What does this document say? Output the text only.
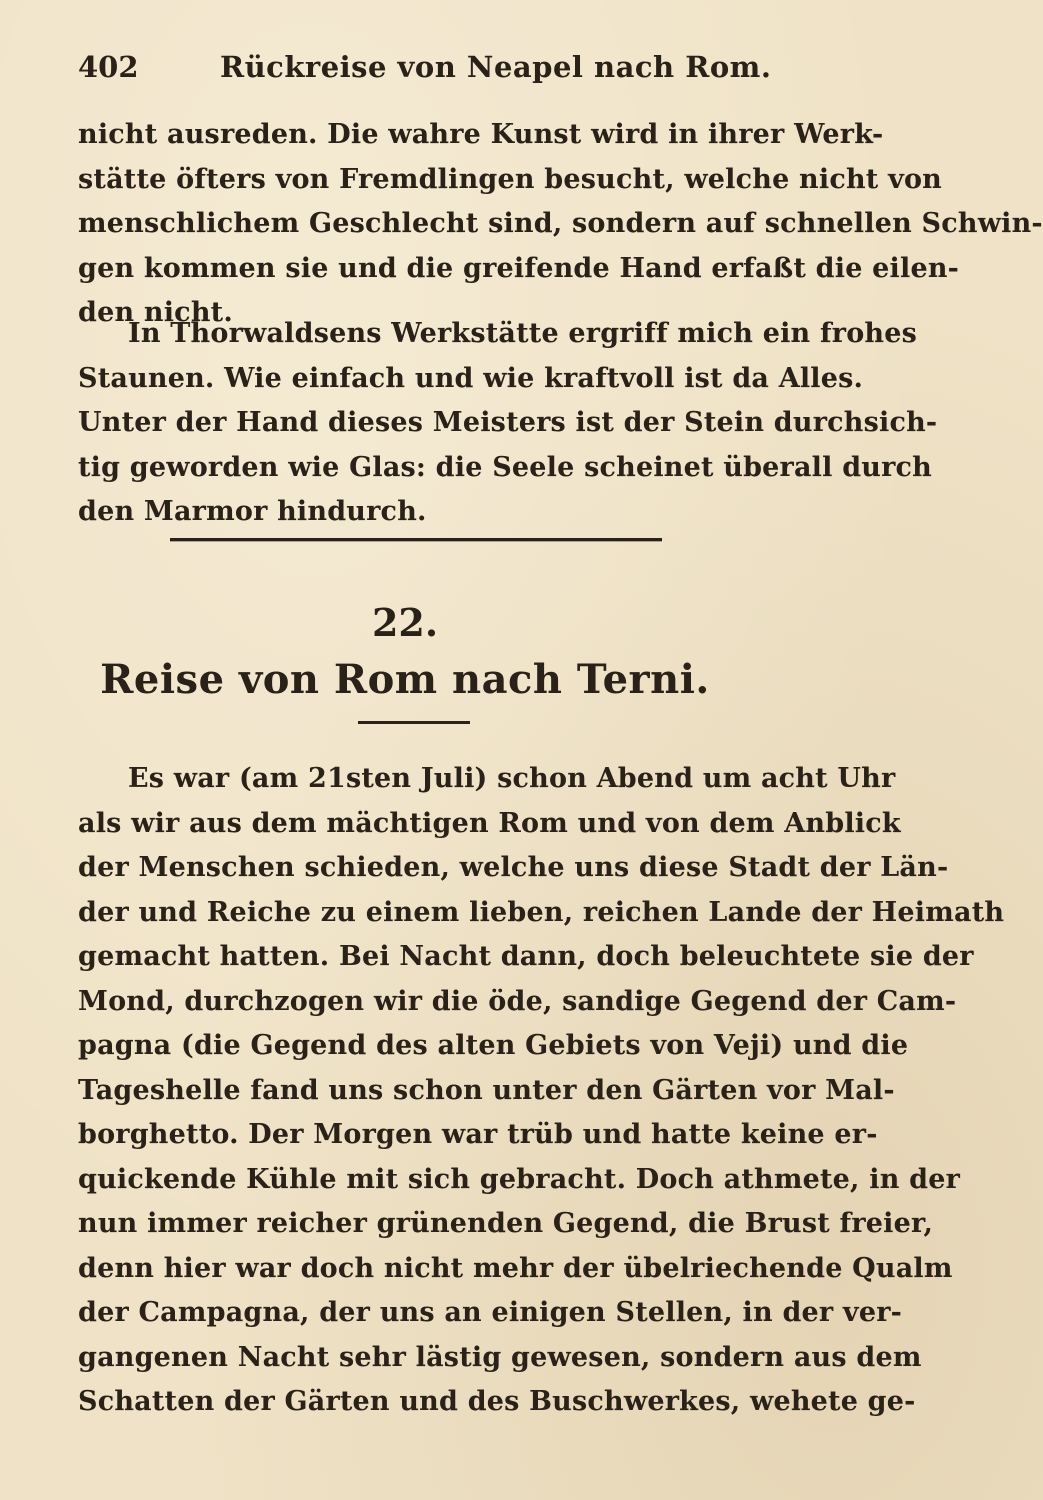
402	Rückreise von Neapel nach Rom.
nicht ausreden. Die wahre Kunst wird in ihrer Werk-
stätte öfters von Fremdlingen besucht, welche nicht von
menschlichem Geschlecht sind, sondern auf schnellen Schwin-
gen kommen sie und die greifende Hand erfaßt die eilen-
den nicht.
In Thorwaldsens Werkstätte ergriff mich ein frohes
Staunen. Wie einfach und wie kraftvoll ist da Alles.
Unter der Hand dieses Meisters ist der Stein durchsich-
tig geworden wie Glas: die Seele scheinet überall durch
den Marmor hindurch.
22.
Reise von Rom nach Terni.
Es war (am 21sten Juli) schon Abend um acht Uhr
als wir aus dem mächtigen Rom und von dem Anblick
der Menschen schieden, welche uns diese Stadt der Län-
der und Reiche zu einem lieben, reichen Lande der Heimath
gemacht hatten. Bei Nacht dann, doch beleuchtete sie der
Mond, durchzogen wir die öde, sandige Gegend der Cam-
pagna (die Gegend des alten Gebiets von Veji) und die
Tageshelle fand uns schon unter den Gärten vor Mal-
borghetto. Der Morgen war trüb und hatte keine er-
quickende Kühle mit sich gebracht. Doch athmete, in der
nun immer reicher grünenden Gegend, die Brust freier,
denn hier war doch nicht mehr der übelriechende Qualm
der Campagna, der uns an einigen Stellen, in der ver-
gangenen Nacht sehr lästig gewesen, sondern aus dem
Schatten der Gärten und des Buschwerkes, wehete ge-
